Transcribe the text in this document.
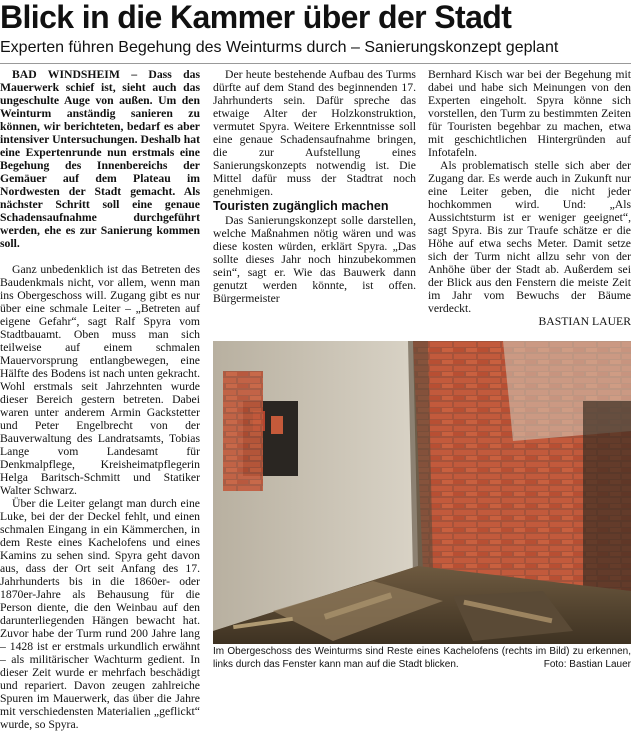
Blick in die Kammer über der Stadt
Experten führen Begehung des Weinturms durch – Sanierungskonzept geplant

BAD WINDSHEIM – Dass das Mauerwerk schief ist, sieht auch das ungeschulte Auge von außen. Um den Weinturm anständig sanieren zu können, wir berichteten, bedarf es aber intensiver Untersuchungen. Deshalb hat eine Expertenrunde nun erstmals eine Begehung des Innenbereichs der Gemäuer auf dem Plateau im Nordwesten der Stadt gemacht. Als nächster Schritt soll eine genaue Schadensaufnahme durchgeführt werden, ehe es zur Sanierung kommen soll.

Ganz unbedenklich ist das Betreten des Baudenkmals nicht, vor allem, wenn man ins Obergeschoss will. Zugang gibt es nur über eine schmale Leiter – „Betreten auf eigene Gefahr“, sagt Ralf Spyra vom Stadtbauamt. Oben muss man sich teilweise auf einem schmalen Mauervorsprung entlangbewegen, eine Hälfte des Bodens ist nach unten gekracht. Wohl erstmals seit Jahrzehnten wurde dieser Bereich gestern betreten. Dabei waren unter anderem Armin Gackstetter und Peter Engelbrecht von der Bauverwaltung des Landratsamts, Tobias Lange vom Landesamt für Denkmalpflege, Kreisheimatpflegerin Helga Baritsch-Schmitt und Statiker Walter Schwarz.

Über die Leiter gelangt man durch eine Luke, bei der der Deckel fehlt, und einen schmalen Eingang in ein Kämmerchen, in dem Reste eines Kachelofens und eines Kamins zu sehen sind. Spyra geht davon aus, dass der Ort seit Anfang des 17. Jahrhunderts bis in die 1860er- oder 1870er-Jahre als Behausung für die Person diente, die den Weinbau auf den darunterliegenden Hängen bewacht hat. Zuvor habe der Turm rund 200 Jahre lang – 1428 ist er erstmals urkundlich erwähnt – als militärischer Wachturm gedient. In dieser Zeit wurde er mehrfach beschädigt und repariert. Davon zeugen zahlreiche Spuren im Mauerwerk, das über die Jahre mit verschiedensten Materialien „geflickt“ wurde, so Spyra.

Der heute bestehende Aufbau des Turms dürfte auf dem Stand des beginnenden 17. Jahrhunderts sein. Dafür spreche das etwaige Alter der Holzkonstruktion, vermutet Spyra. Weitere Erkenntnisse soll eine genaue Schadensaufnahme bringen, die zur Aufstellung eines Sanierungskonzepts notwendig ist. Die Mittel dafür muss der Stadtrat noch genehmigen.

Touristen zugänglich machen

Das Sanierungskonzept solle darstellen, welche Maßnahmen nötig wären und was diese kosten würden, erklärt Spyra. „Das sollte dieses Jahr noch hinzubekommen sein“, sagt er. Wie das Bauwerk dann genutzt werden könnte, ist offen. Bürgermeister

Bernhard Kisch war bei der Begehung mit dabei und habe sich Meinungen von den Experten eingeholt. Spyra könne sich vorstellen, den Turm zu bestimmten Zeiten für Touristen begehbar zu machen, etwa mit geschichtlichen Hintergründen auf Infotafeln.

Als problematisch stelle sich aber der Zugang dar. Es werde auch in Zukunft nur eine Leiter geben, die nicht jeder hochkommen wird. Und: „Als Aussichtsturm ist er weniger geeignet“, sagt Spyra. Bis zur Traufe schätze er die Höhe auf etwa sechs Meter. Damit setze sich der Turm nicht allzu sehr von der Anhöhe über der Stadt ab. Außerdem sei der Blick aus den Fenstern die meiste Zeit im Jahr vom Bewuchs der Bäume verdeckt.

BASTIAN LAUER
Im Obergeschoss des Weinturms sind Reste eines Kachelofens (rechts im Bild) zu erkennen, links durch das Fenster kann man auf die Stadt blicken.	Foto: Bastian Lauer
